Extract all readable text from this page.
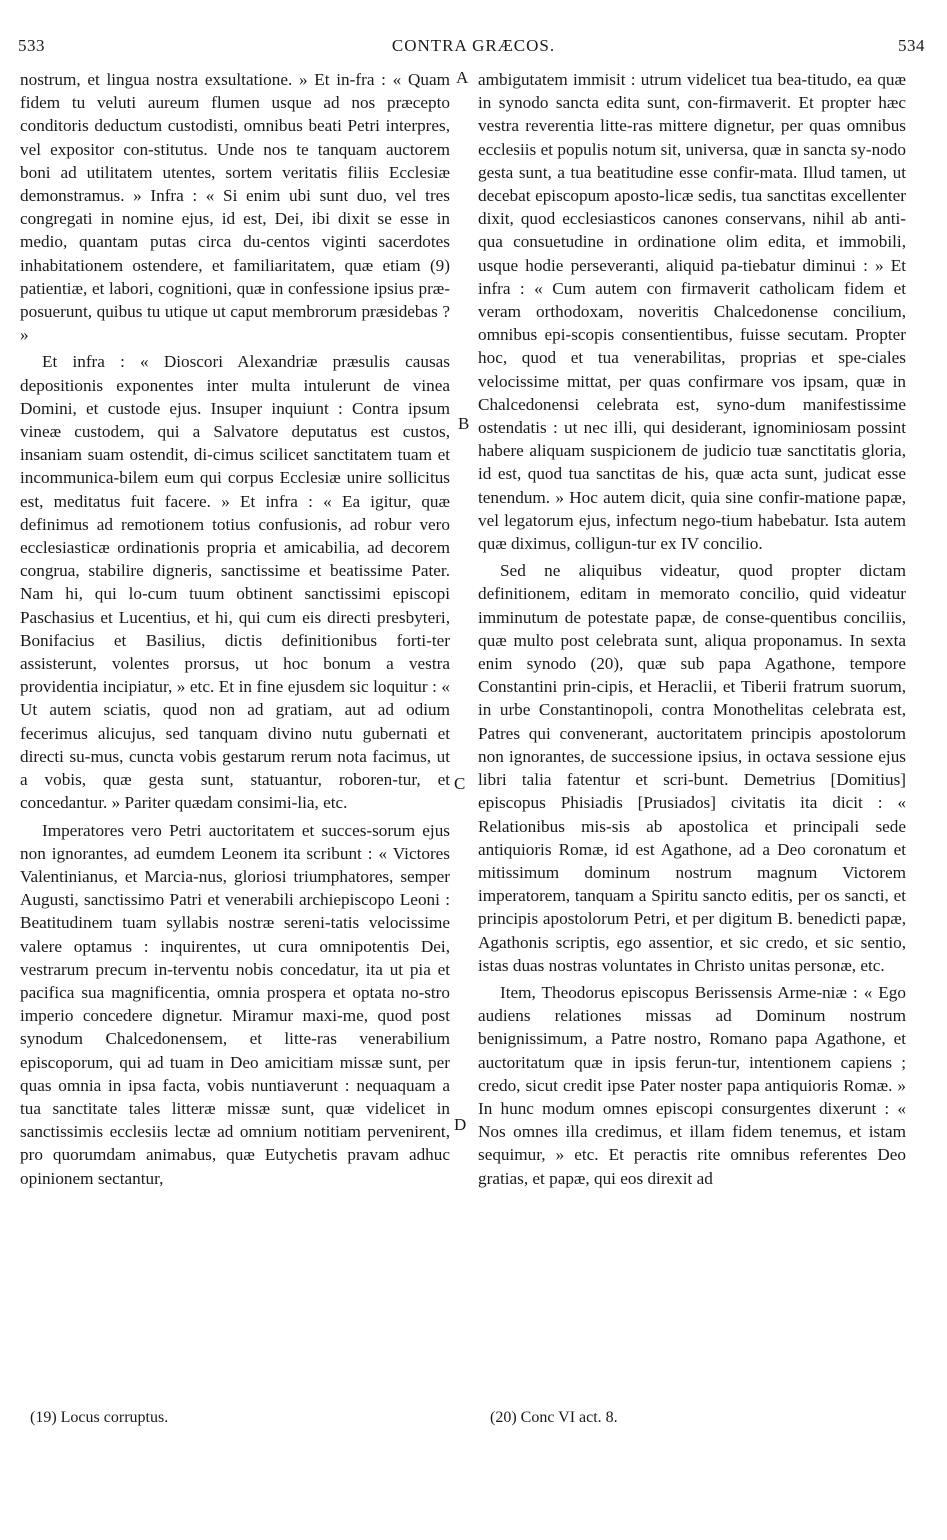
533	CONTRA GRÆCOS.	534

nostrum, et lingua nostra exsultatione. » Et in-fra : « Quam fidem tu veluti aureum flumen usque ad nos præcepto conditoris deductum custodisti, omnibus beati Petri interpres, vel expositor con-stitutus. Unde nos te tanquam auctorem boni ad utilitatem utentes, sortem veritatis filiis Ecclesiæ demonstramus. » Infra : « Si enim ubi sunt duo, vel tres congregati in nomine ejus, id est, Dei, ibi dixit se esse in medio, quantam putas circa du-centos viginti sacerdotes inhabitationem ostendere, et familiaritatem, quæ etiam (9) patientiæ, et labori, cognitioni, quæ in confessione ipsius præ-posuerunt, quibus tu utique ut caput membrorum præsidebas ? »

Et infra : « Dioscori Alexandriæ præsulis causas depositionis exponentes inter multa intulerunt de vinea Domini, et custode ejus. Insuper inquiunt : Contra ipsum vineæ custodem, qui a Salvatore deputatus est custos, insaniam suam ostendit, di-cimus scilicet sanctitatem tuam et incommunica-bilem eum qui corpus Ecclesiæ unire sollicitus est, meditatus fuit facere. » Et infra : « Ea igitur, quæ definimus ad remotionem totius confusionis, ad robur vero ecclesiasticæ ordinationis propria et amicabilia, ad decorem congrua, stabilire digneris, sanctissime et beatissime Pater. Nam hi, qui lo-cum tuum obtinent sanctissimi episcopi Paschasius et Lucentius, et hi, qui cum eis directi presbyteri, Bonifacius et Basilius, dictis definitionibus forti-ter assisterunt, volentes prorsus, ut hoc bonum a vestra providentia incipiatur, » etc. Et in fine ejusdem sic loquitur : « Ut autem sciatis, quod non ad gratiam, aut ad odium fecerimus alicujus, sed tanquam divino nutu gubernati et directi su-mus, cuncta vobis gestarum rerum nota facimus, ut a vobis, quæ gesta sunt, statuantur, roboren-tur, et concedantur. » Pariter quædam consimi-lia, etc.

Imperatores vero Petri auctoritatem et succes-sorum ejus non ignorantes, ad eumdem Leonem ita scribunt : « Victores Valentinianus, et Marcia-nus, gloriosi triumphatores, semper Augusti, sanctissimo Patri et venerabili archiepiscopo Leoni : Beatitudinem tuam syllabis nostræ sereni-tatis velocissime valere optamus : inquirentes, ut cura omnipotentis Dei, vestrarum precum in-terventu nobis concedatur, ita ut pia et pacifica sua magnificentia, omnia prospera et optata no-stro imperio concedere dignetur. Miramur maxi-me, quod post synodum Chalcedonensem, et litte-ras venerabilium episcoporum, qui ad tuam in Deo amicitiam missæ sunt, per quas omnia in ipsa facta, vobis nuntiaverunt : nequaquam a tua sanctitate tales litteræ missæ sunt, quæ videlicet in sanctissimis ecclesiis lectæ ad omnium notitiam pervenirent, pro quorumdam animabus, quæ Eutychetis pravam adhuc opinionem sectantur,

A
B
C
D

ambigutatem immisit : utrum videlicet tua bea-titudo, ea quæ in synodo sancta edita sunt, con-firmaverit. Et propter hæc vestra reverentia litte-ras mittere dignetur, per quas omnibus ecclesiis et populis notum sit, universa, quæ in sancta sy-nodo gesta sunt, a tua beatitudine esse confir-mata. Illud tamen, ut decebat episcopum aposto-licæ sedis, tua sanctitas excellenter dixit, quod ecclesiasticos canones conservans, nihil ab anti-qua consuetudine in ordinatione olim edita, et immobili, usque hodie perseveranti, aliquid pa-tiebatur diminui : » Et infra : « Cum autem con firmaverit catholicam fidem et veram orthodoxam, noveritis Chalcedonense concilium, omnibus epi-scopis consentientibus, fuisse secutam. Propter hoc, quod et tua venerabilitas, proprias et spe-ciales velocissime mittat, per quas confirmare vos ipsam, quæ in Chalcedonensi celebrata est, syno-dum manifestissime ostendatis : ut nec illi, qui desiderant, ignominiosam possint habere aliquam suspicionem de judicio tuæ sanctitatis gloria, id est, quod tua sanctitas de his, quæ acta sunt, judicat esse tenendum. » Hoc autem dicit, quia sine confir-matione papæ, vel legatorum ejus, infectum nego-tium habebatur. Ista autem quæ diximus, colligun-tur ex IV concilio.

Sed ne aliquibus videatur, quod propter dictam definitionem, editam in memorato concilio, quid videatur imminutum de potestate papæ, de conse-quentibus conciliis, quæ multo post celebrata sunt, aliqua proponamus. In sexta enim synodo (20), quæ sub papa Agathone, tempore Constantini prin-cipis, et Heraclii, et Tiberii fratrum suorum, in urbe Constantinopoli, contra Monothelitas celebrata est, Patres qui convenerant, auctoritatem principis apostolorum non ignorantes, de successione ipsius, in octava sessione ejus libri talia fatentur et scri-bunt. Demetrius [Domitius] episcopus Phisiadis [Prusiados] civitatis ita dicit : « Relationibus mis-sis ab apostolica et principali sede antiquioris Romæ, id est Agathone, ad a Deo coronatum et mitissimum dominum nostrum magnum Victorem imperatorem, tanquam a Spiritu sancto editis, per os sancti, et principis apostolorum Petri, et per digitum B. benedicti papæ, Agathonis scriptis, ego assentior, et sic credo, et sic sentio, istas duas nostras voluntates in Christo unitas personæ, etc.

Item, Theodorus episcopus Berissensis Arme-niæ : « Ego audiens relationes missas ad Dominum nostrum benignissimum, a Patre nostro, Romano papa Agathone, et auctoritatum quæ in ipsis ferun-tur, intentionem capiens ; credo, sicut credit ipse Pater noster papa antiquioris Romæ. » In hunc modum omnes episcopi consurgentes dixerunt : « Nos omnes illa credimus, et illam fidem tenemus, et istam sequimur, » etc. Et peractis rite omnibus referentes Deo gratias, et papæ, qui eos direxit ad

(19) Locus corruptus.	(20) Conc VI act. 8.
